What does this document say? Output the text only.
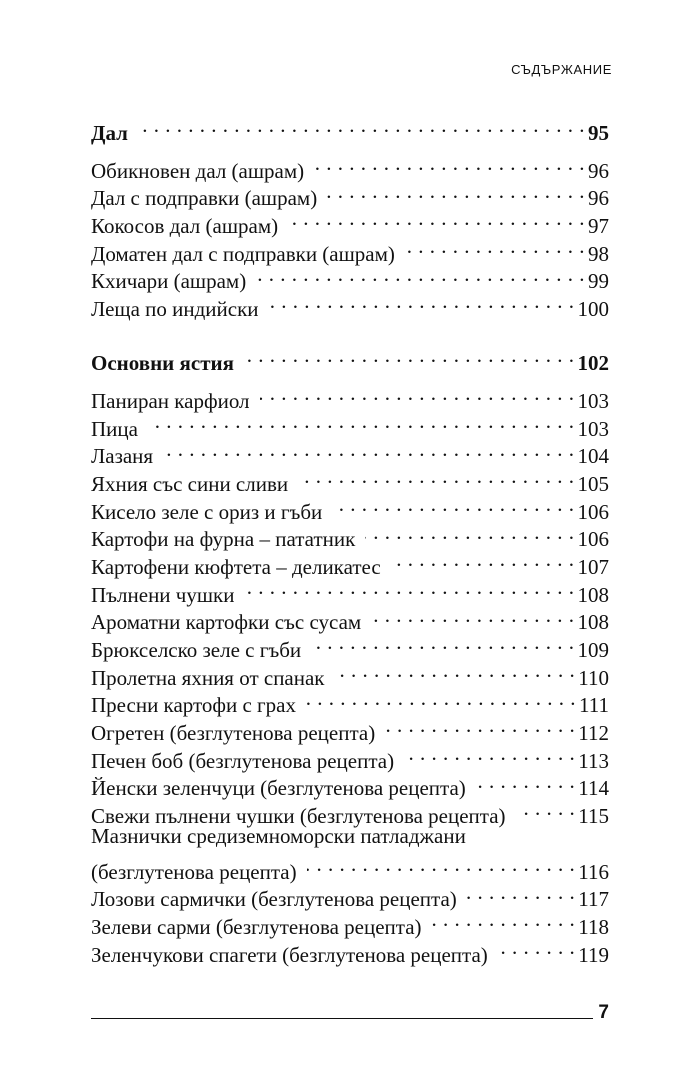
СЪДЪРЖАНИЕ
Дал . . .	95
Обикновен дал (ашрам) . . .	96
Дал с подправки (ашрам) . . .	96
Кокосов дал (ашрам) . . .	97
Доматен дал с подправки (ашрам) . . .	98
Кхичари (ашрам) . . .	99
Леща по индийски . . .	100
Основни ястия . . .	102
Паниран карфиол . . .	103
Пица . . .	103
Лазаня . . .	104
Яхния със сини сливи . . .	105
Кисело зеле с ориз и гъби . . .	106
Картофи на фурна – пататник . . .	106
Картофени кюфтета – деликатес . . .	107
Пълнени чушки . . .	108
Ароматни картофки със сусам . . .	108
Брюкселско зеле с гъби . . .	109
Пролетна яхния от спанак . . .	110
Пресни картофи с грах . . .	111
Огретен (безглутенова рецепта) . . .	112
Печен боб (безглутенова рецепта) . . .	113
Йенски зеленчуци (безглутенова рецепта) . . .	114
Свежи пълнени чушки (безглутенова рецепта) . . .	115
Мазнички средиземноморски патладжани
(безглутенова рецепта) . . .	116
Лозови сармички (безглутенова рецепта) . . .	117
Зелеви сарми (безглутенова рецепта) . . .	118
Зеленчукови спагети (безглутенова рецепта) . . .	119
7
